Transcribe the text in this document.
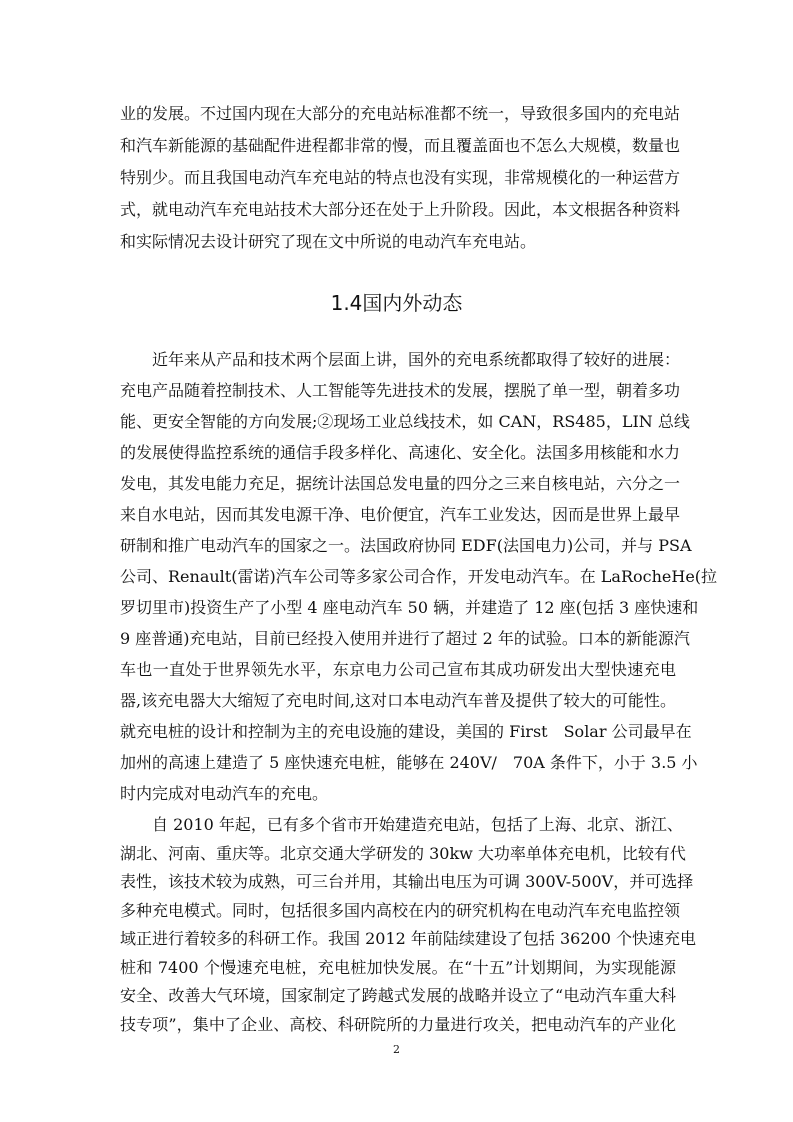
业的发展。不过国内现在大部分的充电站标准都不统一，导致很多国内的充电站
和汽车新能源的基础配件进程都非常的慢，而且覆盖面也不怎么大规模，数量也
特别少。而且我国电动汽车充电站的特点也没有实现，非常规模化的一种运营方
式，就电动汽车充电站技术大部分还在处于上升阶段。因此，本文根据各种资料
和实际情况去设计研究了现在文中所说的电动汽车充电站。
1.4国内外动态
近年来从产品和技术两个层面上讲，国外的充电系统都取得了较好的进展：
充电产品随着控制技术、人工智能等先进技术的发展，摆脱了单一型，朝着多功
能、更安全智能的方向发展;②现场工业总线技术，如 CAN，RS485，LIN 总线
的发展使得监控系统的通信手段多样化、高速化、安全化。法国多用核能和水力
发电，其发电能力充足，据统计法国总发电量的四分之三来自核电站，六分之一
来自水电站，因而其发电源干净、电价便宜，汽车工业发达，因而是世界上最早
研制和推广电动汽车的国家之一。法国政府协同 EDF(法国电力)公司，并与 PSA
公司、Renault(雷诺)汽车公司等多家公司合作，开发电动汽车。在 LaRocheHe(拉
罗切里市)投资生产了小型 4 座电动汽车 50 辆，并建造了 12 座(包括 3 座快速和
9 座普通)充电站，目前已经投入使用并进行了超过 2 年的试验。口本的新能源汽
车也一直处于世界领先水平，东京电力公司己宣布其成功研发出大型快速充电
器,该充电器大大缩短了充电时间,这对口本电动汽车普及提供了较大的可能性。
就充电桩的设计和控制为主的充电设施的建设，美国的 First　Solar 公司最早在
加州的高速上建造了 5 座快速充电桩，能够在 240V/　70A 条件下，小于 3.5 小
时内完成对电动汽车的充电。
自 2010 年起，已有多个省市开始建造充电站，包括了上海、北京、浙江、
湖北、河南、重庆等。北京交通大学研发的 30kw 大功率单体充电机，比较有代
表性，该技术较为成熟，可三台并用，其输出电压为可调 300V-500V，并可选择
多种充电模式。同时，包括很多国内高校在内的研究机构在电动汽车充电监控领
域正进行着较多的科研工作。我国 2012 年前陆续建设了包括 36200 个快速充电
桩和 7400 个慢速充电桩，充电桩加快发展。在“十五”计划期间，为实现能源
安全、改善大气环境，国家制定了跨越式发展的战略并设立了“电动汽车重大科
技专项”，集中了企业、高校、科研院所的力量进行攻关，把电动汽车的产业化
2
